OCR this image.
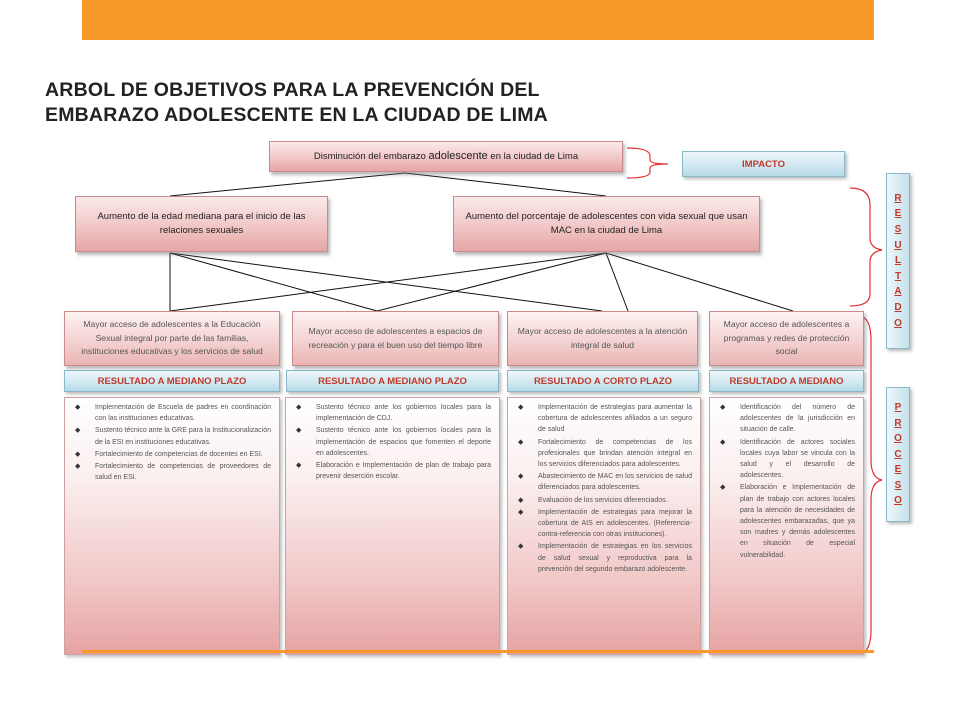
ARBOL DE OBJETIVOS PARA LA PREVENCIÓN DEL
EMBARAZO ADOLESCENTE EN LA CIUDAD DE LIMA
Disminución del embarazo adolescente en la ciudad de Lima
IMPACTO
Aumento de la edad mediana para el inicio de las relaciones sexuales
Aumento del porcentaje de adolescentes con vida sexual que usan MAC en la ciudad de Lima
R
E
S
U
L
T
A
D
O
P
R
O
C
E
S
O
Mayor acceso de adolescentes a la Educación Sexual integral por parte de las familias, instituciones educativas y los servicios de salud
RESULTADO A MEDIANO PLAZO
◆ Implementación de Escuela de padres en coordinación con las instituciones educativas.
◆ Sustento técnico ante la GRE para la Institucionalización de la ESI en instituciones educativas.
◆ Fortalecimiento de competencias de docentes en ESI.
◆ Fortalecimiento de competencias de proveedores de salud en ESI.
Mayor acceso de adolescentes a espacios de recreación y para el buen uso del tiempo libre
RESULTADO A MEDIANO PLAZO
◆ Sustento técnico ante los gobiernos locales para la implementación de CDJ.
◆ Sustento técnico ante los gobiernos locales para la implementación de espacios que fomenten el deporte en adolescentes.
◆ Elaboración e Implementación de plan de trabajo para prevenir deserción escolar.
Mayor acceso de adolescentes a la atención integral de salud
RESULTADO A CORTO PLAZO
◆ Implementación de estrategias para aumentar la cobertura de adolescentes afiliados a un seguro de salud
◆ Fortalecimiento de competencias de los profesionales que brindan atención integral en los servicios diferenciados para adolescentes.
◆ Abastecimiento de MAC en los servicios de salud diferenciados para adolescentes.
◆ Evaluación de los servicios diferenciados.
◆ Implementación de estrategias para mejorar la cobertura de AIS en adolescentes. (Referencia- contra-referencia con otras instituciones).
◆ Implementación de estrategias en los servicios de salud sexual y reproductiva para la prevención del segundo embarazo adolescente.
Mayor acceso de adolescentes a programas y redes de protección social
RESULTADO A MEDIANO
◆ Identificación del número de adolescentes de la jurisdicción en situación de calle.
◆ Identificación de actores sociales locales cuya labor se vincula con la salud y el desarrollo de adolescentes.
◆ Elaboración e Implementación de plan de trabajo con actores locales para la atención de necesidades de adolescentes embarazadas, que ya son madres y demás adolescentes en situación de especial vulnerabilidad.
